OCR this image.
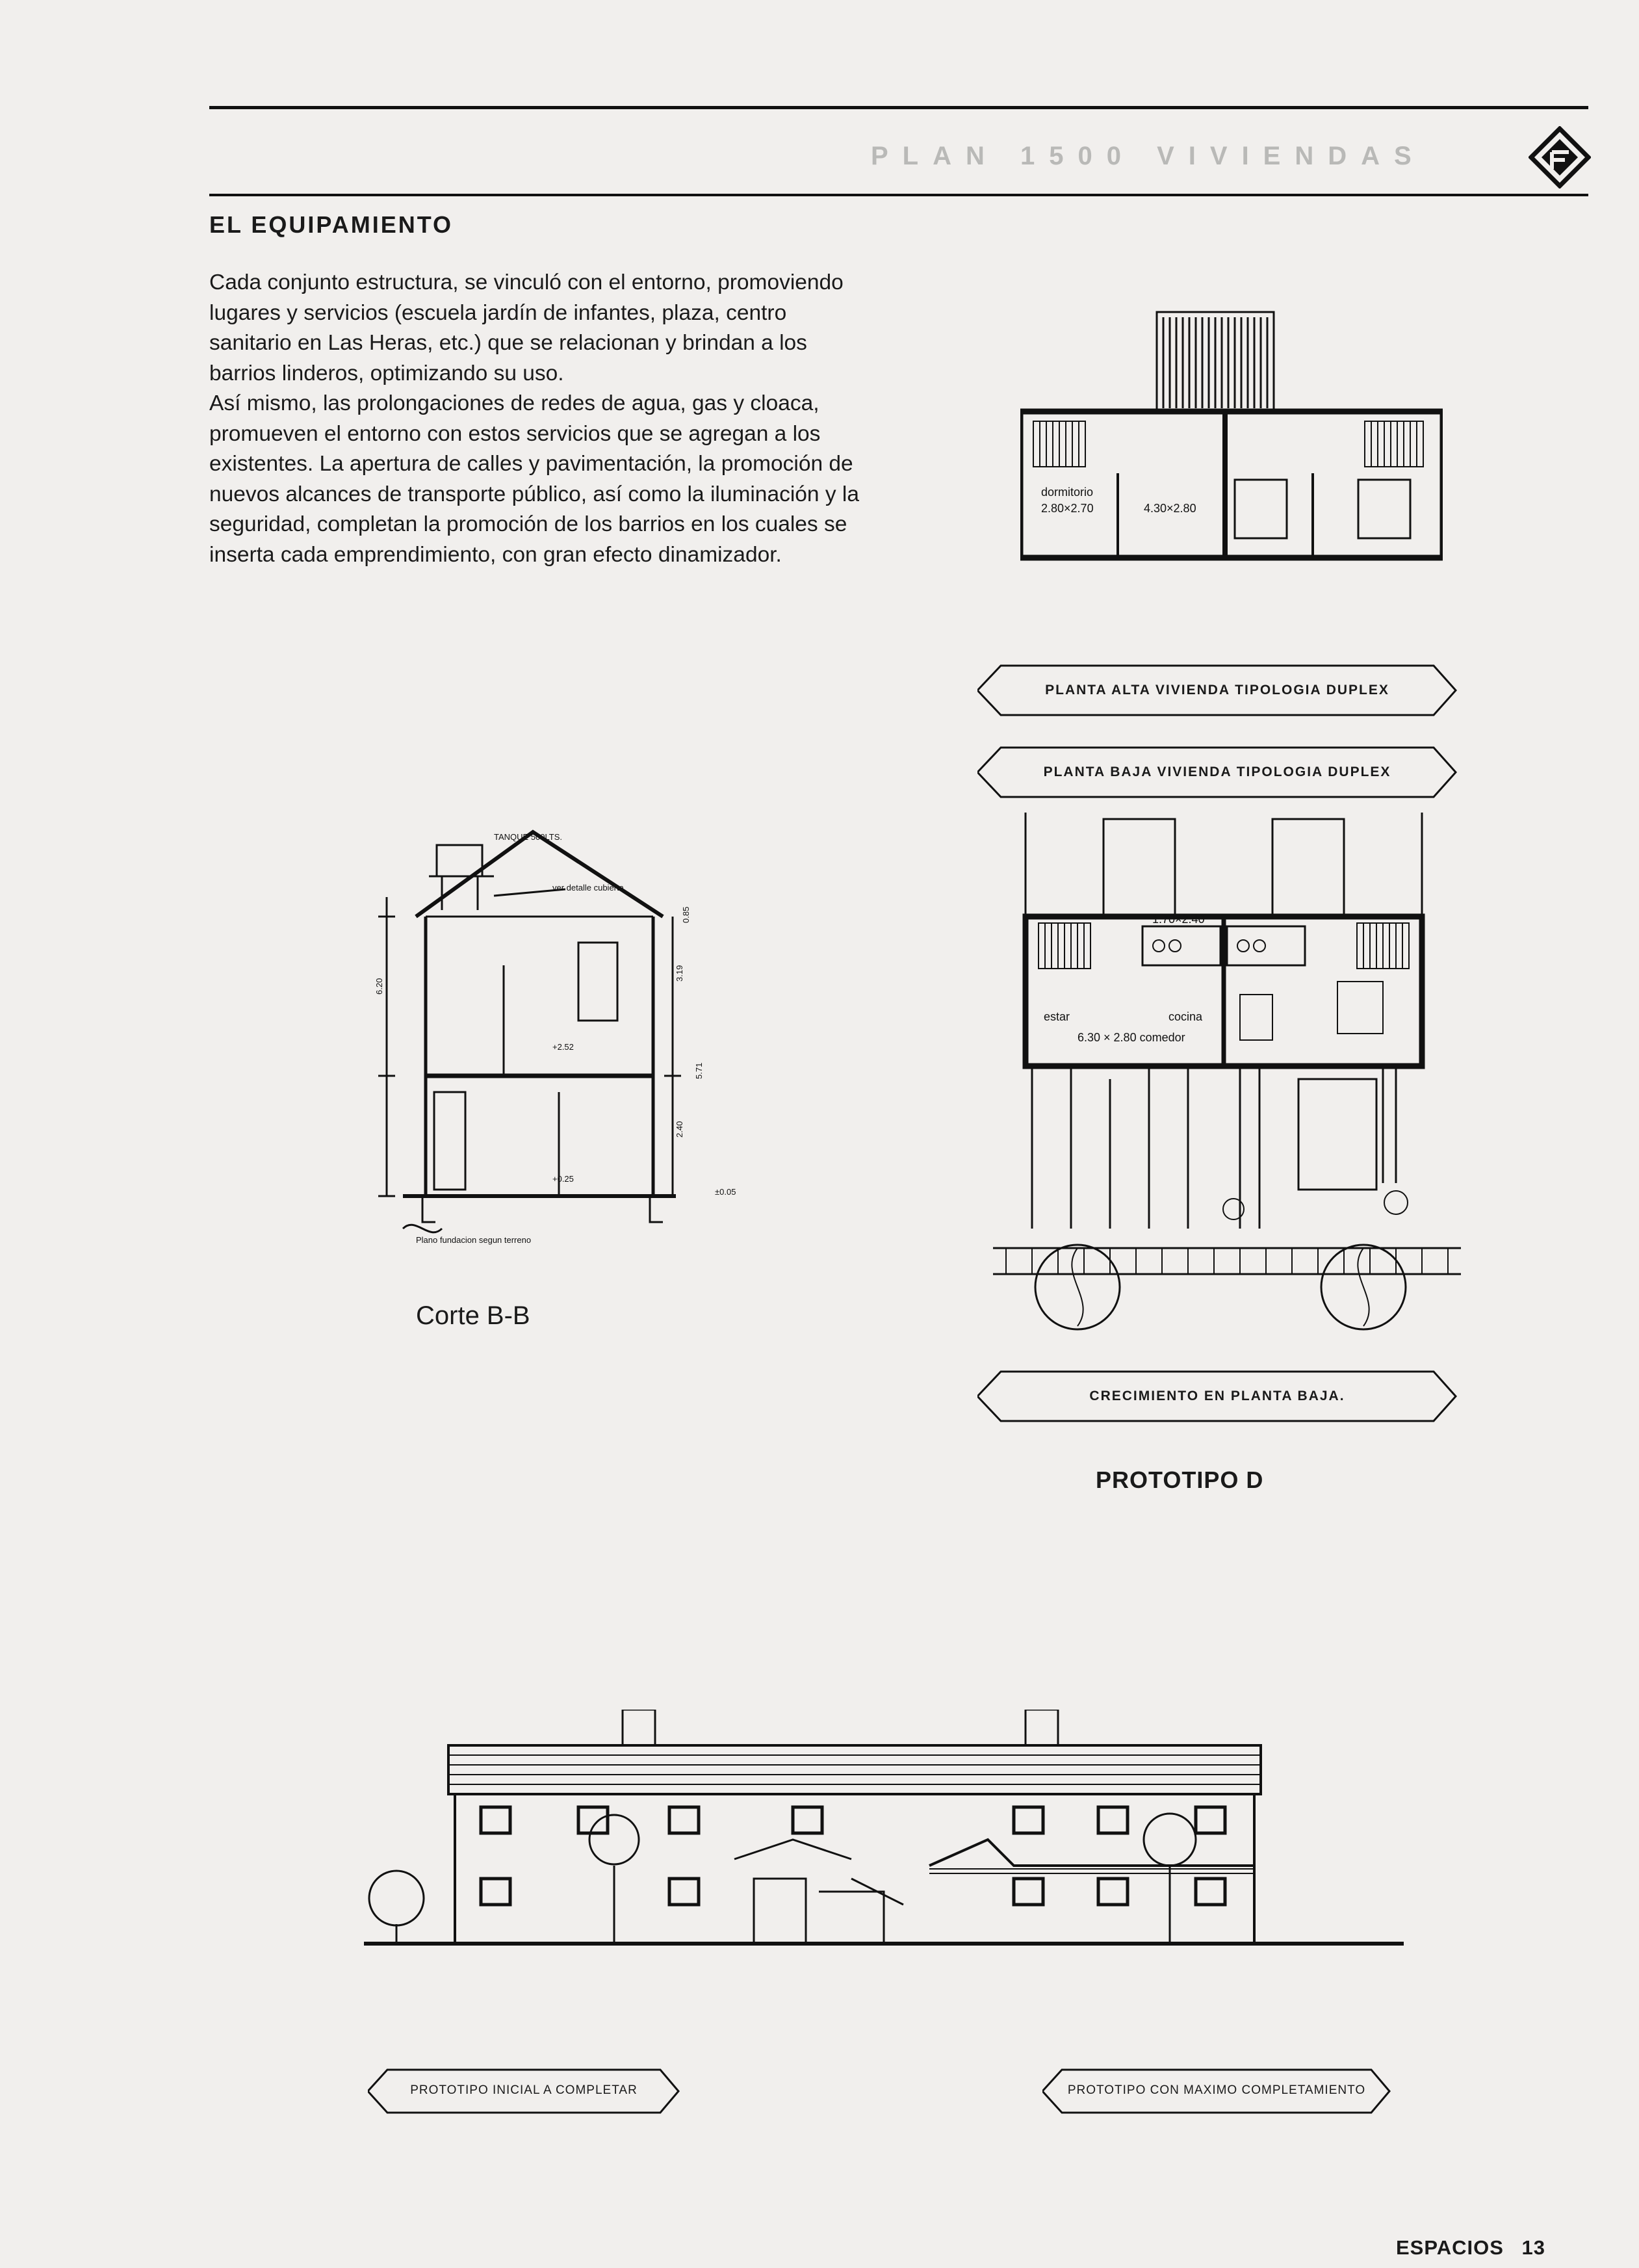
PLAN 1500 VIVIENDAS
EL EQUIPAMIENTO

Cada conjunto estructura, se vinculó con el entorno, promoviendo lugares y servicios (escuela jardín de infantes, plaza, centro sanitario en Las Heras, etc.) que se relacionan y brindan a los barrios linderos, optimizando su uso.

Así mismo, las prolongaciones de redes de agua, gas y cloaca, promueven el entorno con estos servicios que se agregan a los existentes. La apertura de calles y pavimentación, la promoción de nuevos alcances de transporte público, así como la iluminación y la seguridad, completan la promoción de los barrios en los cuales se inserta cada emprendimiento, con gran efecto dinamizador.

TANQUE 500LTS.
ver detalle cubierta
6.20
3.19
2.40
5.71
0.85
+2.52
+0.25
±0.05
Plano fundacion segun terreno
Corte B-B
dormitorio
2.80×2.70	4.30×2.80
PLANTA ALTA VIVIENDA TIPOLOGIA DUPLEX
PLANTA BAJA VIVIENDA TIPOLOGIA DUPLEX
estar
6.30 × 2.80 comedor
cocina
1.70×2.40
CRECIMIENTO EN PLANTA BAJA.
PROTOTIPO D
PROTOTIPO INICIAL A COMPLETAR	PROTOTIPO CON MAXIMO COMPLETAMIENTO
ESPACIOS 13
